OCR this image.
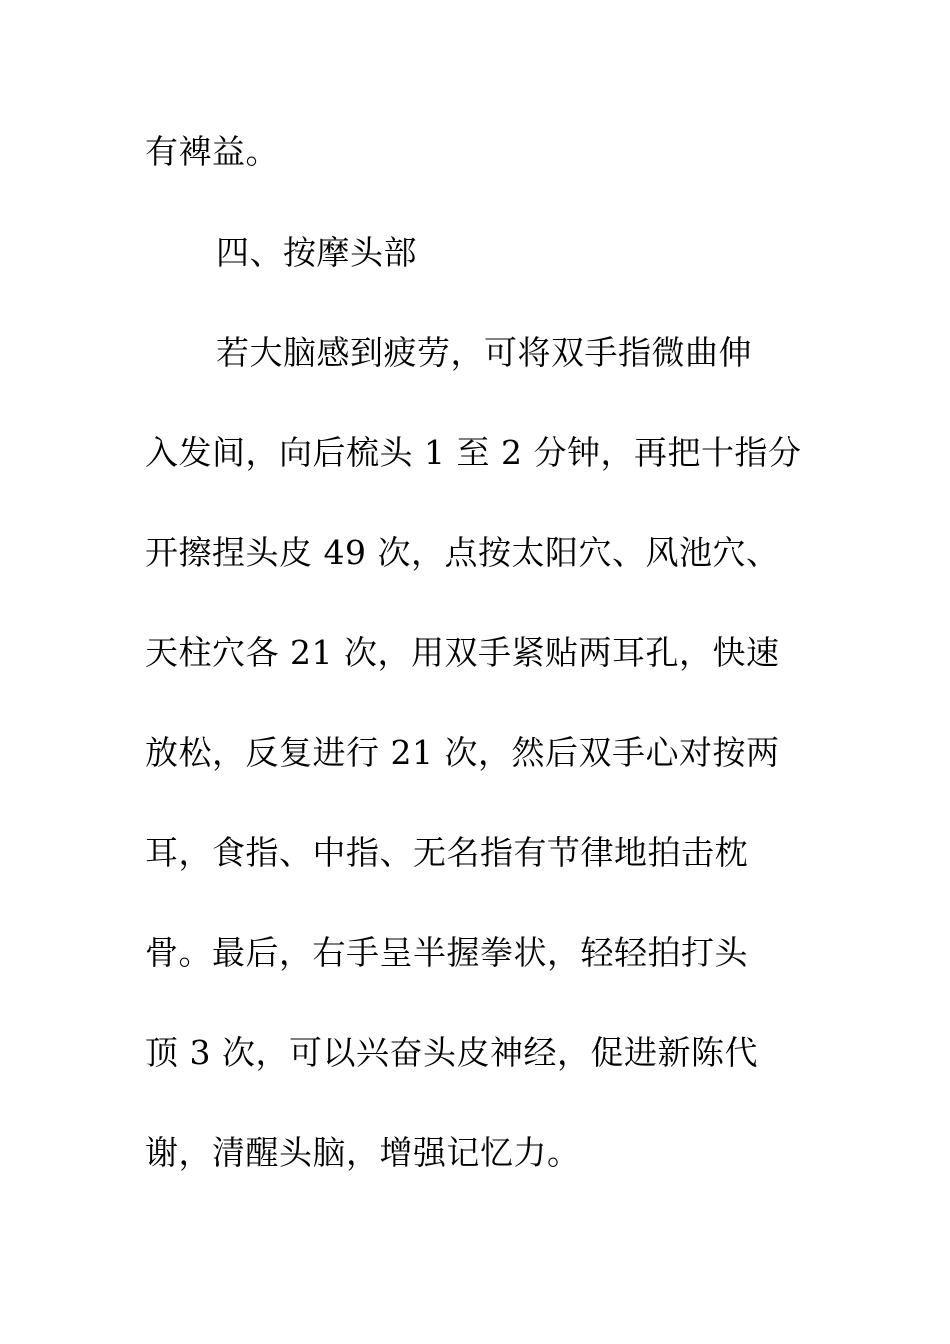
有裨益。
四、按摩头部
若大脑感到疲劳，可将双手指微曲伸
入发间，向后梳头 1 至 2 分钟，再把十指分
开擦捏头皮 49 次，点按太阳穴、风池穴、
天柱穴各 21 次，用双手紧贴两耳孔，快速
放松，反复进行 21 次，然后双手心对按两
耳，食指、中指、无名指有节律地拍击枕
骨。最后，右手呈半握拳状，轻轻拍打头
顶 3 次，可以兴奋头皮神经，促进新陈代
谢，清醒头脑，增强记忆力。
